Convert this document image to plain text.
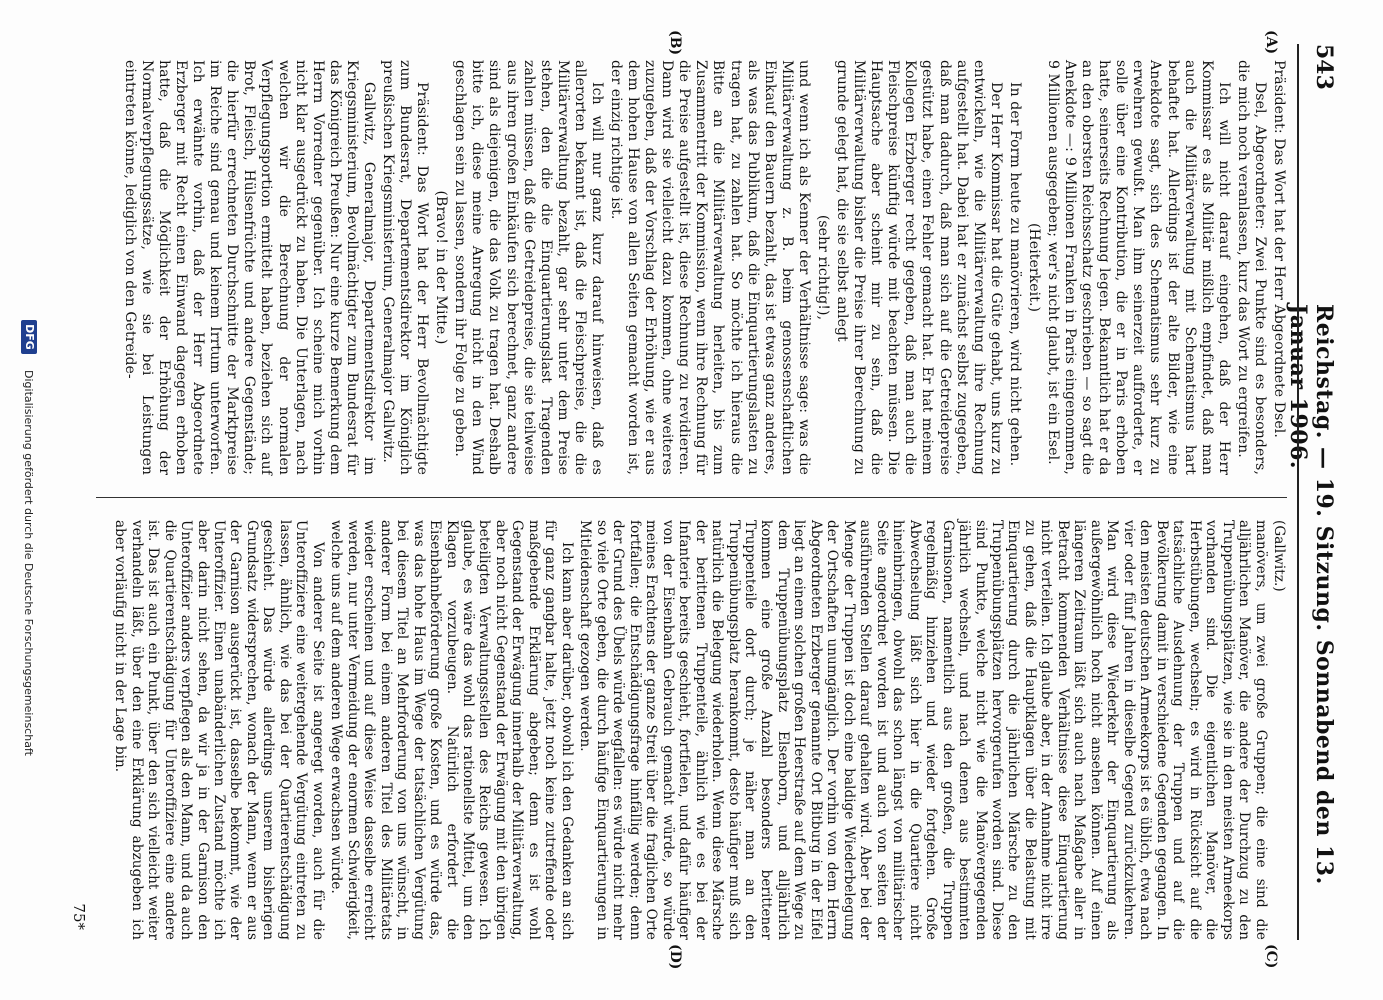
543
Reichstag. — 19. Sitzung. Sonnabend den 13. Januar 1906.

Präsident: Das Wort hat der Herr Abgeordnete Dsel.

Dsel, Abgeordneter: Zwei Punkte sind es besonders, die mich noch veranlassen, kurz das Wort zu ergreifen.

Ich will nicht darauf eingehen, daß der Herr Kommissar es als Militär mißlich empfindet, daß man auch die Militärverwaltung mit Schematismus hart behaftet hat. Allerdings ist der alte Bilder, wie eine Anekdote sagt, sich des Schematismus sehr kurz zu erwehren gewußt. Man ihm seinerzeit aufforderte, er solle über eine Kontribution, die er in Paris erhoben hatte, seinerseits Rechnung legen. Bekanntlich hat er da an den obersten Reichsschatz geschrieben — so sagt die Anekdote —: 9 Millionen Franken in Paris eingenommen, 9 Millionen ausgegeben; wer's nicht glaubt, ist ein Esel.

(Heiterkeit.)

In der Form heute zu manövrieren, wird nicht gehen.

Der Herr Kommissar hat die Güte gehabt, uns kurz zu entwickeln, wie die Militärverwaltung ihre Rechnung aufgestellt hat. Dabei hat er zunächst selbst zugegeben, daß man dadurch, daß man sich auf die Getreidepreise gestützt habe, einen Fehler gemacht hat. Er hat meinem Kollegen Erzberger recht gegeben, daß man auch die Fleischpreise künftig würde mit beachten müssen. Die Hauptsache aber scheint mir zu sein, daß die Militärverwaltung bisher die Preise ihrer Berechnung zu grunde gelegt hat, die sie selbst anlegt

(sehr richtig!),

und wenn ich als Kenner der Verhältnisse sage: was die Militärverwaltung z. B. beim genossenschaftlichen Einkauf den Bauern bezahlt, das ist etwas ganz anderes, als was das Publikum, daß die Einquartierungslasten zu tragen hat, zu zahlen hat. So möchte ich hieraus die Bitte an die Militärverwaltung herleiten, bis zum Zusammentritt der Kommission, wenn ihre Rechnung für die Preise aufgestellt ist, diese Rechnung zu revidieren. Dann wird sie vielleicht dazu kommen, ohne weiteres zuzugeben, daß der Vorschlag der Erhöhung, wie er aus dem hohen Hause von allen Seiten gemacht worden ist, der einzig richtige ist.

Ich will nur ganz kurz darauf hinweisen, daß es allerorten bekannt ist, daß die Fleischpreise, die die Militärverwaltung bezahlt, gar sehr unter dem Preise stehen, den die die Einquartierungslast Tragenden zahlen müssen, daß die Getreidepreise, die sie teilweise aus ihren großen Einkäufen sich berechnet, ganz andere sind als diejenigen, die das Volk zu tragen hat. Deshalb bitte ich, diese meine Anregung nicht in den Wind geschlagen sein zu lassen, sondern ihr Folge zu geben.

(Bravo! in der Mitte.)

Präsident: Das Wort hat der Herr Bevollmächtigte zum Bundesrat, Departementsdirektor im Königlich preußischen Kriegsministerium, Generalmajor Gallwitz.

Gallwitz, Generalmajor, Departementsdirektor im Kriegsministerium, Bevollmächtigter zum Bundesrat für das Königreich Preußen: Nur eine kurze Bemerkung dem Herrn Vorredner gegenüber. Ich scheine mich vorhin nicht klar ausgedrückt zu haben. Die Unterlagen, nach welchen wir die Berechnung der normalen Verpflegungsportion ermittelt haben, beziehen sich auf Brot, Fleisch, Hülsenfrüchte und andere Gegenstände; die hierfür errechneten Durchschnitte der Marktpreise im Reiche sind genau und keinem Irrtum unterworfen. Ich erwähnte vorhin, daß der Herr Abgeordnete Erzberger mit Recht einen Einwand dagegen erhoben hatte, daß die Möglichkeit der Erhöhung der Normalverpflegungssätze, wie sie bei Leistungen eintreten könne, lediglich von den Getreide-

(C)
(D)

(Gallwitz.)

manövers, um zwei große Gruppen; die eine sind die alljährlichen Manöver, die andere der Durchzug zu den Truppenübungsplätzen, wie sie in den meisten Armeekorps vorhanden sind. Die eigentlichen Manöver, die Herbstübungen, wechseln; es wird in Rücksicht auf die tatsächliche Ausdehnung der Truppen und auf die Bevölkerung damit in verschiedene Gegenden gegangen. In den meisten deutschen Armeekorps ist es üblich, etwa nach vier oder fünf Jahren in dieselbe Gegend zurückzukehren. Man wird diese Wiederkehr der Einquartierung als außergewöhnlich hoch nicht ansehen können. Auf einen längeren Zeitraum läßt sich auch nach Maßgabe aller in Betracht kommenden Verhältnisse diese Einquartierung nicht verteilen. Ich glaube aber, in der Annahme nicht irre zu gehen, daß die Hauptklagen über die Belastung mit Einquartierung durch die jährlichen Märsche zu den Truppenübungsplätzen hervorgerufen worden sind. Diese sind Punkte, welche nicht wie die Manövergegenden jährlich wechseln, und nach denen aus bestimmten Garnisonen, namentlich aus den großen, die Truppen regelmäßig hinziehen und wieder fortgehen. Große Abwechselung läßt sich hier in die Quartiere nicht hineinbringen, obwohl das schon längst von militärischer Seite angeordnet worden ist und auch von seiten der ausführenden Stellen darauf gehalten wird. Aber bei der Menge der Truppen ist doch eine baldige Wiederbelegung der Ortschaften unumgänglich. Der vorhin von dem Herrn Abgeordneten Erzberger genannte Ort Bitburg in der Eifel liegt an einem solchen großen Heerstraße auf dem Wege zu dem Truppenübungsplatz Elsenborn, und alljährlich kommen eine große Anzahl besonders berittener Truppenteile dort durch; je näher man an den Truppenübungsplatz herankommt, desto häufiger muß sich natürlich die Belegung wiederholen. Wenn diese Märsche der berittenen Truppenteile, ähnlich wie es bei der Infanterie bereits geschieht, fortfielen, und dafür häufiger von der Eisenbahn Gebrauch gemacht würde, so würde meines Erachtens der ganze Streit über die fraglichen Orte fortfallen; die Entschädigungsfrage hinfällig werden; denn der Grund des Übels würde wegfallen: es würde nicht mehr so viele Orte geben, die durch häufige Einquartierungen in Mitleidenschaft gezogen werden.

Ich kann aber darüber, obwohl ich den Gedanken an sich für ganz gangbar halte, jetzt noch keine zutreffende oder maßgebende Erklärung abgeben; denn es ist wohl Gegenstand der Erwägung innerhalb der Militärverwaltung, aber noch nicht Gegenstand der Erwägung mit den übrigen beteiligten Verwaltungsstellen des Reichs gewesen. Ich glaube, es wäre das wohl das rationellste Mittel, um den Klagen vorzubeugen. Natürlich erfordert die Eisenbahnbeförderung große Kosten, und es würde das, was das hohe Haus im Wege der tatsächlichen Vergütung bei diesem Titel an Mehrforderung von uns wünscht, in anderer Form bei einem anderen Titel des Militäretats wieder erscheinen und auf diese Weise dasselbe erreicht werden, nur unter Vermeidung der enormen Schwierigkeit, welche uns auf dem anderen Wege erwachsen würde.

Von anderer Seite ist angeregt worden, auch für die Unteroffiziere eine weitergehende Vergütung eintreten zu lassen, ähnlich, wie das bei der Quartierentschädigung geschieht. Das würde allerdings unserem bisherigen Grundsatz widersprechen, wonach der Mann, wenn er aus der Garnison ausgerückt ist, dasselbe bekommt, wie der Unteroffizier. Einen unabänderlichen Zustand möchte ich aber darin nicht sehen, da wir ja in der Garnison den Unteroffizier anders verpflegen als den Mann, und da auch die Quartierentschädigung für Unteroffiziere eine andere ist. Das ist auch ein Punkt, über den sich vielleicht weiter verhandeln läßt, über den eine Erklärung abzugeben ich aber vorläufig nicht in der Lage bin.

(A)
(B)
75*
DFG
Digitalisierung gefördert durch die Deutsche Forschungsgemeinschaft
